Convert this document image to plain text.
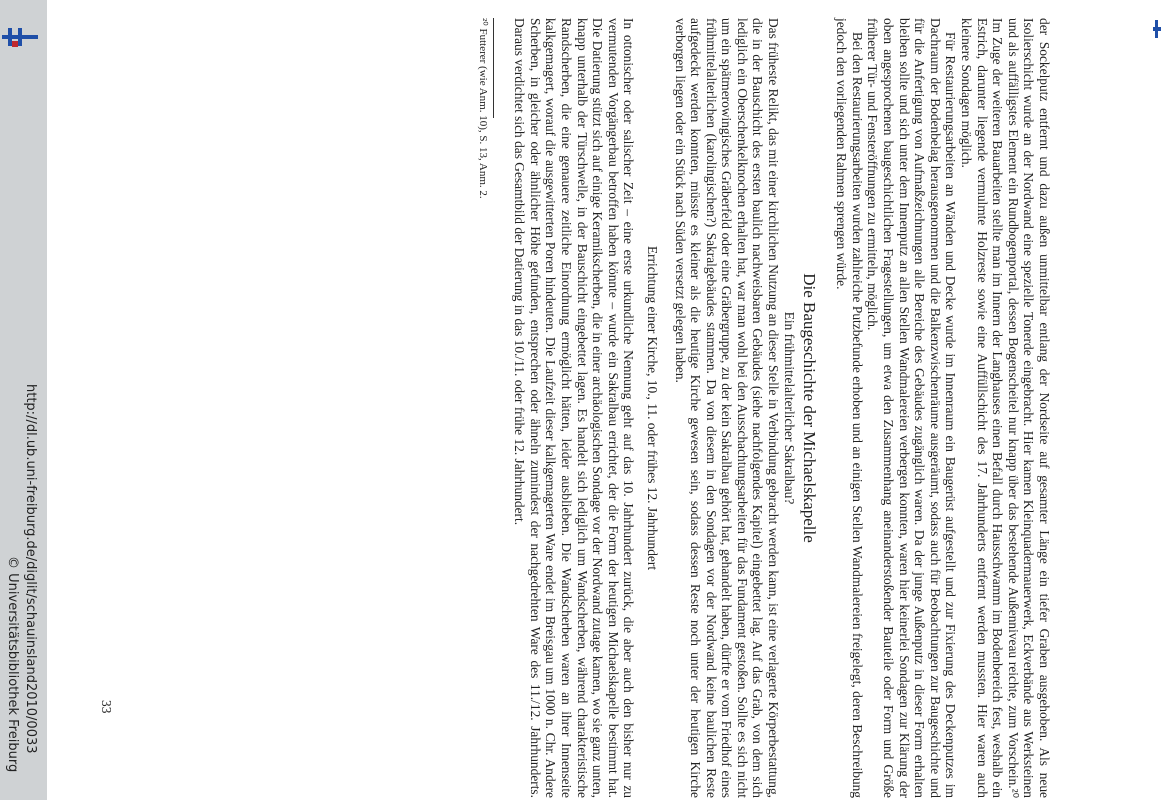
http://dl.ub.uni-freiburg.de/diglit/schauinsland2010/0033
© Universitätsbibliothek Freiburg	der Sockelputz entfernt und dazu außen unmittelbar entlang der Nordseite auf gesamter Länge ein tiefer Graben ausgehoben. Als neue Isolierschicht wurde an der Nordwand eine spezielle Tonerde eingebracht. Hier kamen Kleinquadermauerwerk, Eckverbände aus Werksteinen und als auffälligstes Element ein Rundbogenportal, dessen Bogenscheitel nur knapp über das bestehende Außenniveau reichte, zum Vorschein.²⁰ Im Zuge der weiteren Bauarbeiten stellte man im Innern der Langhauses einen Befall durch Hausschwamm im Bodenbereich fest, weshalb ein Estrich, darunter liegende vermulmte Holzreste sowie eine Auffüllschicht des 17. Jahrhunderts entfernt werden mussten. Hier waren auch kleinere Sondagen möglich.

Für Restaurierungsarbeiten an Wänden und Decke wurde im Innenraum ein Baugerüst aufgestellt und zur Fixierung des Deckenputzes im Dachraum der Bodenbelag herausgenommen und die Balkenzwischenräume ausgeräumt, sodass auch für Beobachtungen zur Baugeschichte und für die Anfertigung von Aufmaßzeichnungen alle Bereiche des Gebäudes zugänglich waren. Da der junge Außenputz in dieser Form erhalten bleiben sollte und sich unter dem Innenputz an allen Stellen Wandmalereien verbergen konnten, waren hier keinerlei Sondagen zur Klärung der oben angesprochenen baugeschichtlichen Fragestellungen, um etwa den Zusammenhang aneinanderstoßender Bauteile oder Form und Größe früherer Tür- und Fensteröffnungen zu ermitteln, möglich.

Bei den Restaurierungsarbeiten wurden zahlreiche Putzbefunde erhoben und an einigen Stellen Wandmalereien freigelegt, deren Beschreibung jedoch den vorliegenden Rahmen sprengen würde.

Die Baugeschichte der Michaelskapelle
Ein frühmittelalterlicher Sakralbau?

Das früheste Relikt, das mit einer kirchlichen Nutzung an dieser Stelle in Verbindung gebracht werden kann, ist eine verlagerte Körperbestattung, die in der Bauschicht des ersten baulich nachweisbaren Gebäudes (siehe nachfolgendes Kapitel) eingebettet lag. Auf das Grab, von dem sich lediglich ein Oberschenkelknochen erhalten hat, war man wohl bei den Ausschachtungsarbeiten für das Fundament gestoßen. Sollte es sich nicht um ein spätmerowingisches Gräberfeld oder eine Gräbergruppe, zu der kein Sakralbau gehört hat, gehandelt haben, dürfte er vom Friedhof eines frühmittelalterlichen (karolingischen?) Sakralgebäudes stammen. Da von diesem in den Sondagen vor der Nordwand keine baulichen Reste aufgedeckt werden konnten, müsste es kleiner als die heutige Kirche gewesen sein, sodass dessen Reste noch unter der heutigen Kirche verborgen liegen oder ein Stück nach Süden versetzt gelegen haben.

Errichtung einer Kirche, 10., 11. oder frühes 12. Jahrhundert

In ottonischer oder salischer Zeit – eine erste urkundliche Nennung geht auf das 10. Jahrhundert zurück, die aber auch den bisher nur zu vermutenden Vorgängerbau betroffen haben könnte – wurde ein Sakralbau errichtet, der die Form der heutigen Michaelskapelle bestimmt hat. Die Datierung stützt sich auf einige Keramikscherben, die in einer archäologischen Sondage vor der Nordwand zutage kamen, wo sie ganz unten, knapp unterhalb der Türschwelle, in der Bauschicht eingebettet lagen. Es handelt sich lediglich um Wandscherben, während charakteristische Randscherben, die eine genauere zeitliche Einordnung ermöglicht hätten, leider ausblieben. Die Wandscherben waren an ihrer Innenseite kalkgemagert, worauf die ausgewitterten Poren hindeuten. Die Laufzeit dieser kalkgemagerten Ware endet im Breisgau um 1000 n. Chr. Andere Scherben, in gleicher oder ähnlicher Höhe gefunden, entsprechen oder ähneln zumindest der nachgedrehten Ware des 11./12. Jahrhunderts. Daraus verdichtet sich das Gesamtbild der Datierung in das 10./11. oder frühe 12. Jahrhundert.

²⁰ Futterer (wie Anm. 10), S. 13, Anm. 2.

33
